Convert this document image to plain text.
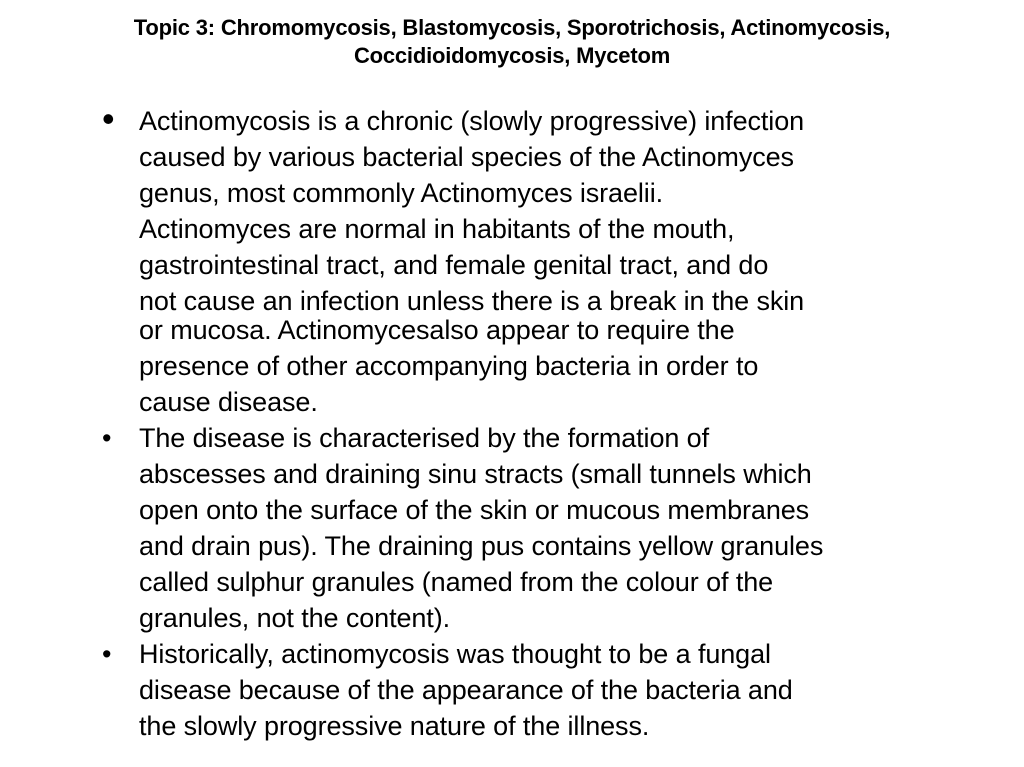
Topic 3: Chromomycosis, Blastomycosis, Sporotrichosis, Actinomycosis,
Coccidioidomycosis, Mycetom
• Actinomycosis is a chronic (slowly progressive) infection
caused by various bacterial species of the Actinomyces
genus, most commonly Actinomyces israelii.
Actinomyces are normal in habitants of the mouth,
gastrointestinal tract, and female genital tract, and do
not cause an infection unless there is a break in the skin
or mucosa. Actinomycesalso appear to require the
presence of other accompanying bacteria in order to
cause disease.
•	The disease is characterised by the formation of
abscesses and draining sinu stracts (small tunnels which
open onto the surface of the skin or mucous membranes
and drain pus). The draining pus contains yellow granules
called sulphur granules (named from the colour of the
granules, not the content).
•	Historically, actinomycosis was thought to be a fungal
disease because of the appearance of the bacteria and
the slowly progressive nature of the illness.
